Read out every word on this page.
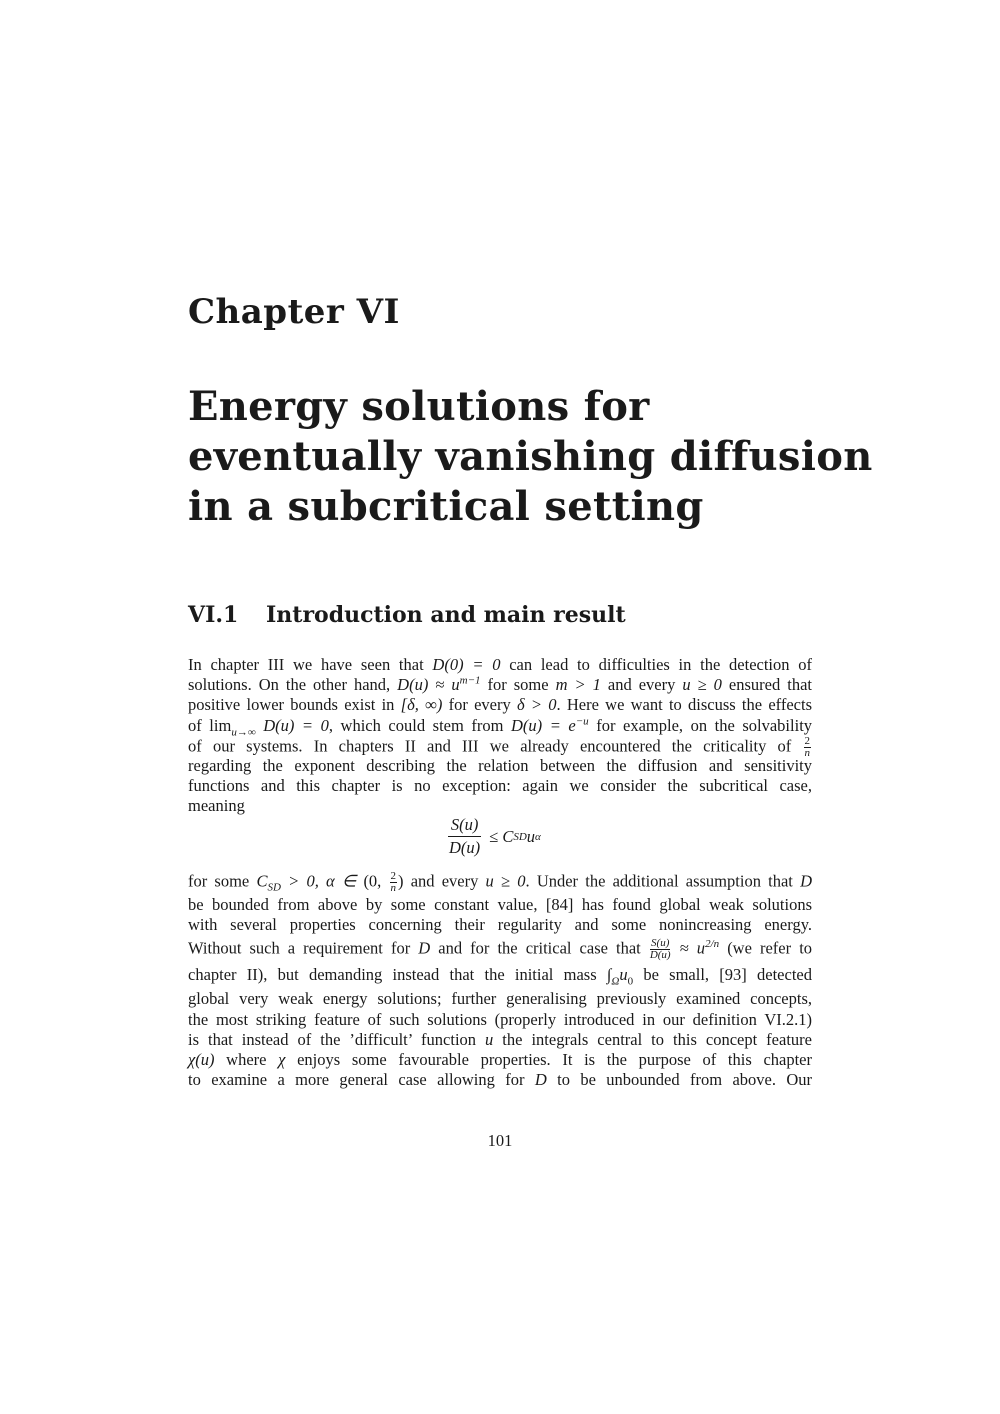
Chapter VI
Energy solutions for
eventually vanishing diffusion
in a subcritical setting
VI.1 Introduction and main result
In chapter III we have seen that D(0) = 0 can lead to difficulties in the detection of
solutions. On the other hand, $D(u) \approx u^{m-1}$ for some m > 1 and every u ≥ 0 ensured that
positive lower bounds exist in [δ, ∞) for every δ > 0. Here we want to discuss the effects
of $\lim_{u\to\infty} D(u) = 0$, which could stem from $D(u) = e^{-u}$ for example, on the solvability
of our systems. In chapters II and III we already encountered the criticality of $\frac{2}{n}$
regarding the exponent describing the relation between the diffusion and sensitivity
functions and this chapter is no exception: again we consider the subcritical case,
meaning
$\frac{S(u)}{D(u)} \le C$ SD u α
for some $C_{SD} > 0$, α ∈ (0, $\frac{2}{n}$ ) and every u ≥ 0. Under the additional assumption that D
be bounded from above by some constant value, [84] has found global weak solutions
with several properties concerning their regularity and some nonincreasing energy.
Without such a requirement for D and for the critical case that $\frac{S(u)}{D(u)} \approx u^{2/n}$ (we refer to
chapter II), but demanding instead that the initial mass $\int_\Omega u_0$ be small, [93] detected
global very weak energy solutions; further generalising previously examined concepts,
the most striking feature of such solutions (properly introduced in our definition VI.2.1)
is that instead of the ’difficult’ function u the integrals central to this concept feature
χ(u) where χ enjoys some favourable properties. It is the purpose of this chapter
to examine a more general case allowing for D to be unbounded from above. Our
101
